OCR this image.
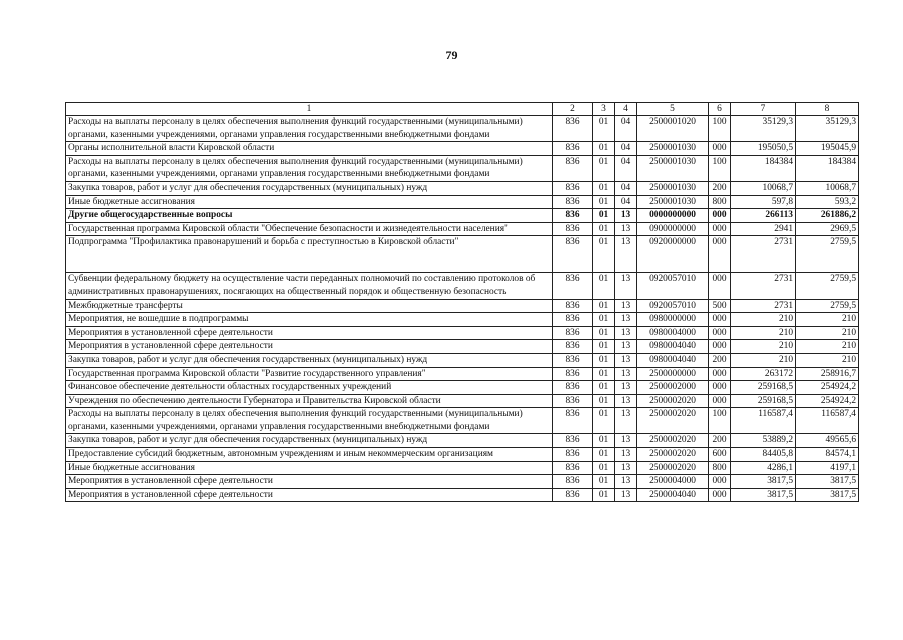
79
1	2	3	4	5	6	7	8
Расходы на выплаты персоналу в целях обеспечения выполнения функций государственными (муниципальными) органами, казенными учреждениями, органами управления государственными внебюджетными фондами	836	01	04	2500001020	100	35129,3	35129,3
Органы исполнительной власти Кировской области	836	01	04	2500001030	000	195050,5	195045,9
Расходы на выплаты персоналу в целях обеспечения выполнения функций государственными (муниципальными) органами, казенными учреждениями, органами управления государственными внебюджетными фондами	836	01	04	2500001030	100	184384	184384
Закупка товаров, работ и услуг для обеспечения государственных (муниципальных) нужд	836	01	04	2500001030	200	10068,7	10068,7
Иные бюджетные ассигнования	836	01	04	2500001030	800	597,8	593,2
Другие общегосударственные вопросы	836	01	13	0000000000	000	266113	261886,2
Государственная программа Кировской области "Обеспечение безопасности и жизнедеятельности населения"	836	01	13	0900000000	000	2941	2969,5
Подпрограмма "Профилактика правонарушений и борьба с преступностью в Кировской области"	836	01	13	0920000000	000	2731	2759,5
Субвенции федеральному бюджету на осуществление части переданных полномочий по составлению протоколов об административных правонарушениях, посягающих на общественный порядок и общественную безопасность	836	01	13	0920057010	000	2731	2759,5
Межбюджетные трансферты	836	01	13	0920057010	500	2731	2759,5
Мероприятия, не вошедшие в подпрограммы	836	01	13	0980000000	000	210	210
Мероприятия в установленной сфере деятельности	836	01	13	0980004000	000	210	210
Мероприятия в установленной сфере деятельности	836	01	13	0980004040	000	210	210
Закупка товаров, работ и услуг для обеспечения государственных (муниципальных) нужд	836	01	13	0980004040	200	210	210
Государственная программа Кировской области "Развитие государственного управления"	836	01	13	2500000000	000	263172	258916,7
Финансовое обеспечение деятельности областных государственных учреждений	836	01	13	2500002000	000	259168,5	254924,2
Учреждения по обеспечению деятельности Губернатора и Правительства Кировской области	836	01	13	2500002020	000	259168,5	254924,2
Расходы на выплаты персоналу в целях обеспечения выполнения функций государственными (муниципальными) органами, казенными учреждениями, органами управления государственными внебюджетными фондами	836	01	13	2500002020	100	116587,4	116587,4
Закупка товаров, работ и услуг для обеспечения государственных (муниципальных) нужд	836	01	13	2500002020	200	53889,2	49565,6
Предоставление субсидий бюджетным, автономным учреждениям и иным некоммерческим организациям	836	01	13	2500002020	600	84405,8	84574,1
Иные бюджетные ассигнования	836	01	13	2500002020	800	4286,1	4197,1
Мероприятия в установленной сфере деятельности	836	01	13	2500004000	000	3817,5	3817,5
Мероприятия в установленной сфере деятельности	836	01	13	2500004040	000	3817,5	3817,5
